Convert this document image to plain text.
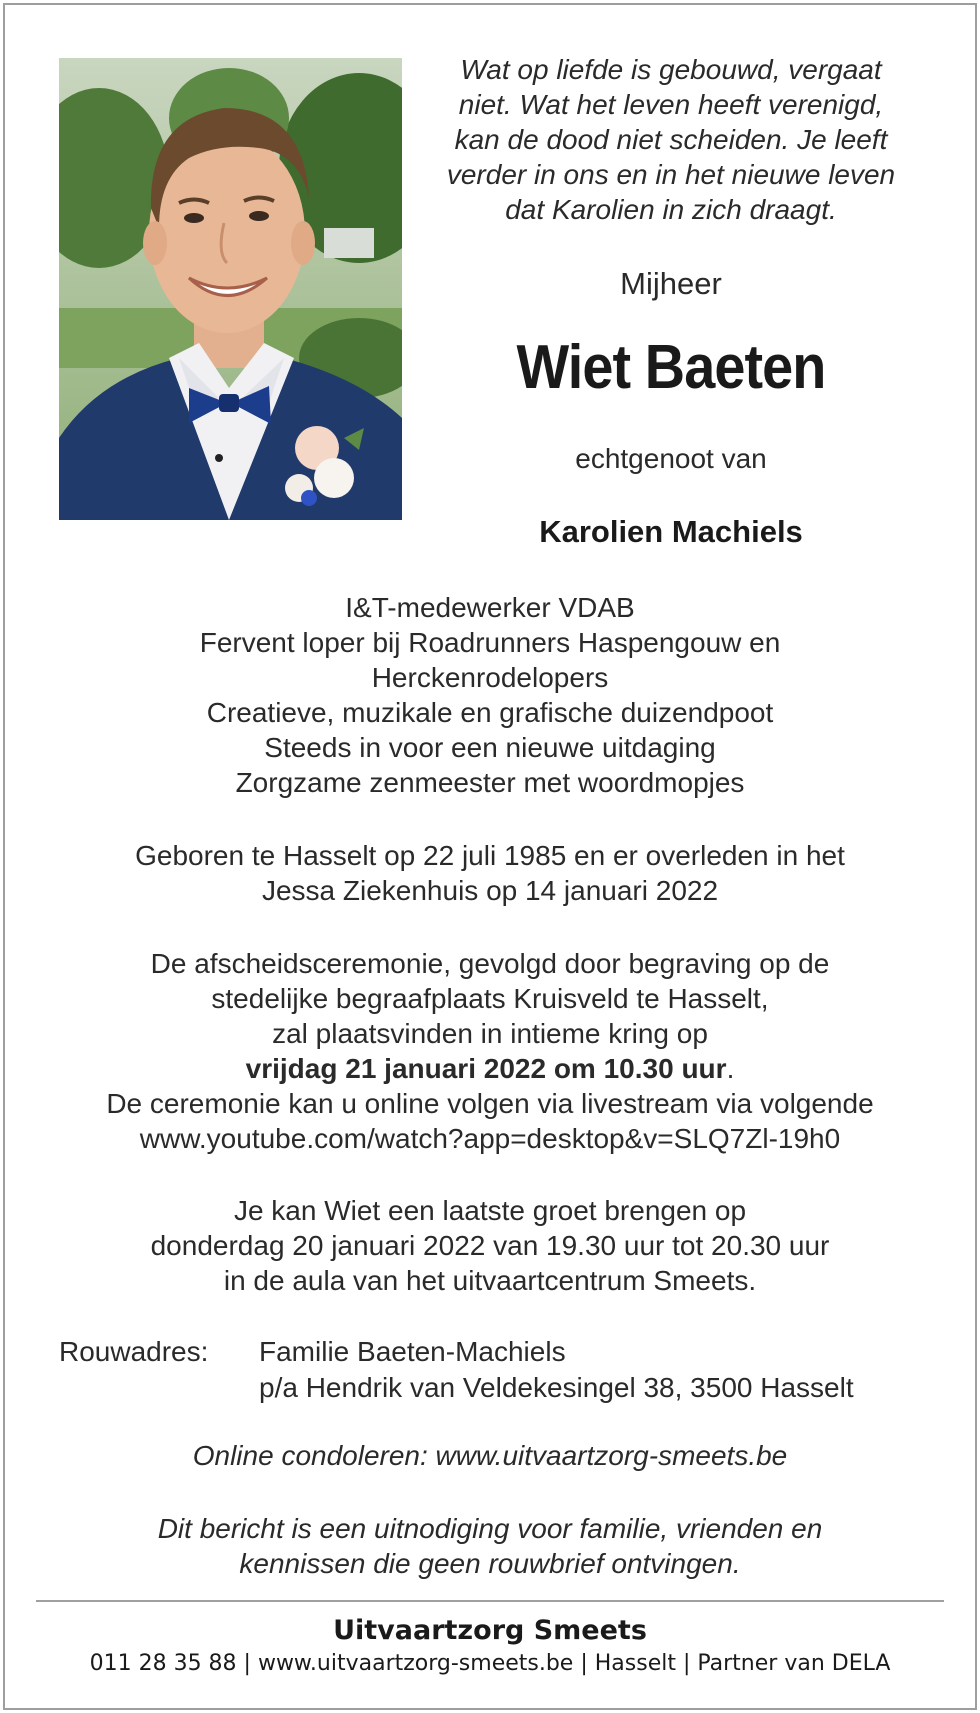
Wat op liefde is gebouwd, vergaat
niet. Wat het leven heeft verenigd,
kan de dood niet scheiden. Je leeft
verder in ons en in het nieuwe leven
dat Karolien in zich draagt.
Mijheer
Wiet Baeten
echtgenoot van
Karolien Machiels
I&T-medewerker VDAB
Fervent loper bij Roadrunners Haspengouw en
Herckenrodelopers
Creatieve, muzikale en grafische duizendpoot
Steeds in voor een nieuwe uitdaging
Zorgzame zenmeester met woordmopjes
Geboren te Hasselt op 22 juli 1985 en er overleden in het
Jessa Ziekenhuis op 14 januari 2022
De afscheidsceremonie, gevolgd door begraving op de
stedelijke begraafplaats Kruisveld te Hasselt,
zal plaatsvinden in intieme kring op
vrijdag 21 januari 2022 om 10.30 uur.
De ceremonie kan u online volgen via livestream via volgende
www.youtube.com/watch?app=desktop&v=SLQ7Zl-19h0
Je kan Wiet een laatste groet brengen op
donderdag 20 januari 2022 van 19.30 uur tot 20.30 uur
in de aula van het uitvaartcentrum Smeets.
Rouwadres:	Familie Baeten-Machiels
p/a Hendrik van Veldekesingel 38, 3500 Hasselt
Online condoleren: www.uitvaartzorg-smeets.be
Dit bericht is een uitnodiging voor familie, vrienden en
kennissen die geen rouwbrief ontvingen.
Uitvaartzorg Smeets
011 28 35 88 | www.uitvaartzorg-smeets.be | Hasselt | Partner van DELA
